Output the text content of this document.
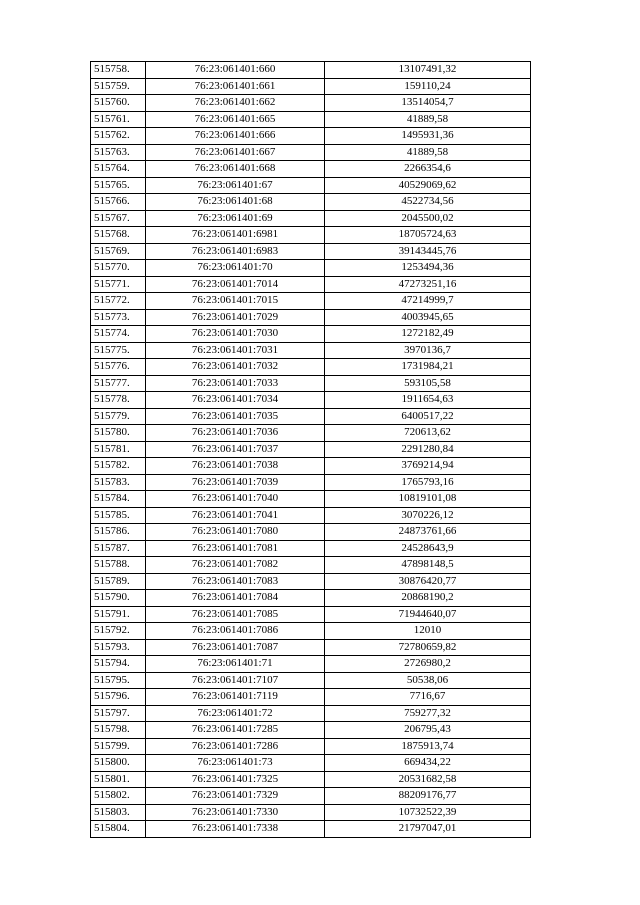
515758.	76:23:061401:660	13107491,32
515759.	76:23:061401:661	159110,24
515760.	76:23:061401:662	13514054,7
515761.	76:23:061401:665	41889,58
515762.	76:23:061401:666	1495931,36
515763.	76:23:061401:667	41889,58
515764.	76:23:061401:668	2266354,6
515765.	76:23:061401:67	40529069,62
515766.	76:23:061401:68	4522734,56
515767.	76:23:061401:69	2045500,02
515768.	76:23:061401:6981	18705724,63
515769.	76:23:061401:6983	39143445,76
515770.	76:23:061401:70	1253494,36
515771.	76:23:061401:7014	47273251,16
515772.	76:23:061401:7015	47214999,7
515773.	76:23:061401:7029	4003945,65
515774.	76:23:061401:7030	1272182,49
515775.	76:23:061401:7031	3970136,7
515776.	76:23:061401:7032	1731984,21
515777.	76:23:061401:7033	593105,58
515778.	76:23:061401:7034	1911654,63
515779.	76:23:061401:7035	6400517,22
515780.	76:23:061401:7036	720613,62
515781.	76:23:061401:7037	2291280,84
515782.	76:23:061401:7038	3769214,94
515783.	76:23:061401:7039	1765793,16
515784.	76:23:061401:7040	10819101,08
515785.	76:23:061401:7041	3070226,12
515786.	76:23:061401:7080	24873761,66
515787.	76:23:061401:7081	24528643,9
515788.	76:23:061401:7082	47898148,5
515789.	76:23:061401:7083	30876420,77
515790.	76:23:061401:7084	20868190,2
515791.	76:23:061401:7085	71944640,07
515792.	76:23:061401:7086	12010
515793.	76:23:061401:7087	72780659,82
515794.	76:23:061401:71	2726980,2
515795.	76:23:061401:7107	50538,06
515796.	76:23:061401:7119	7716,67
515797.	76:23:061401:72	759277,32
515798.	76:23:061401:7285	206795,43
515799.	76:23:061401:7286	1875913,74
515800.	76:23:061401:73	669434,22
515801.	76:23:061401:7325	20531682,58
515802.	76:23:061401:7329	88209176,77
515803.	76:23:061401:7330	10732522,39
515804.	76:23:061401:7338	21797047,01
